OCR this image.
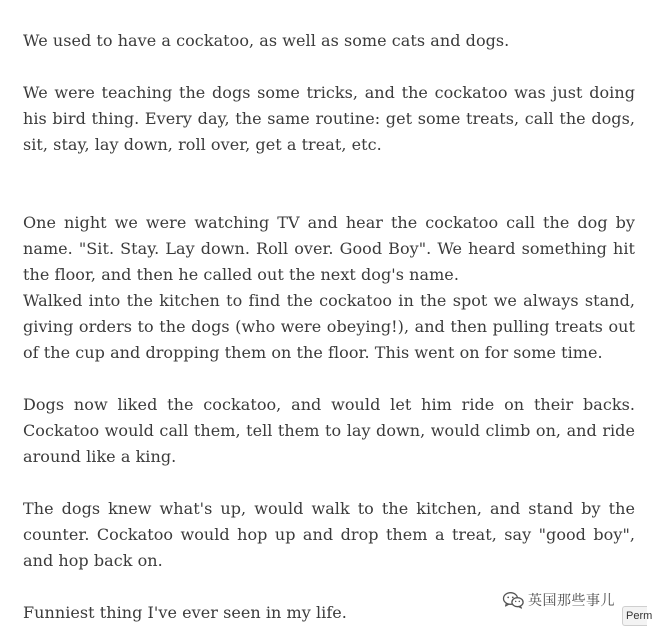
We used to have a cockatoo, as well as some cats and dogs.

We were teaching the dogs some tricks, and the cockatoo was just doing his bird thing. Every day, the same routine: get some treats, call the dogs, sit, stay, lay down, roll over, get a treat, etc.

One night we were watching TV and hear the cockatoo call the dog by name. "Sit. Stay. Lay down. Roll over. Good Boy". We heard something hit the floor, and then he called out the next dog's name.

Walked into the kitchen to find the cockatoo in the spot we always stand, giving orders to the dogs (who were obeying!), and then pulling treats out of the cup and dropping them on the floor. This went on for some time.

Dogs now liked the cockatoo, and would let him ride on their backs. Cockatoo would call them, tell them to lay down, would climb on, and ride around like a king.

The dogs knew what's up, would walk to the kitchen, and stand by the counter. Cockatoo would hop up and drop them a treat, say "good boy", and hop back on.

Funniest thing I've ever seen in my life.

英国那些事儿
Perm
